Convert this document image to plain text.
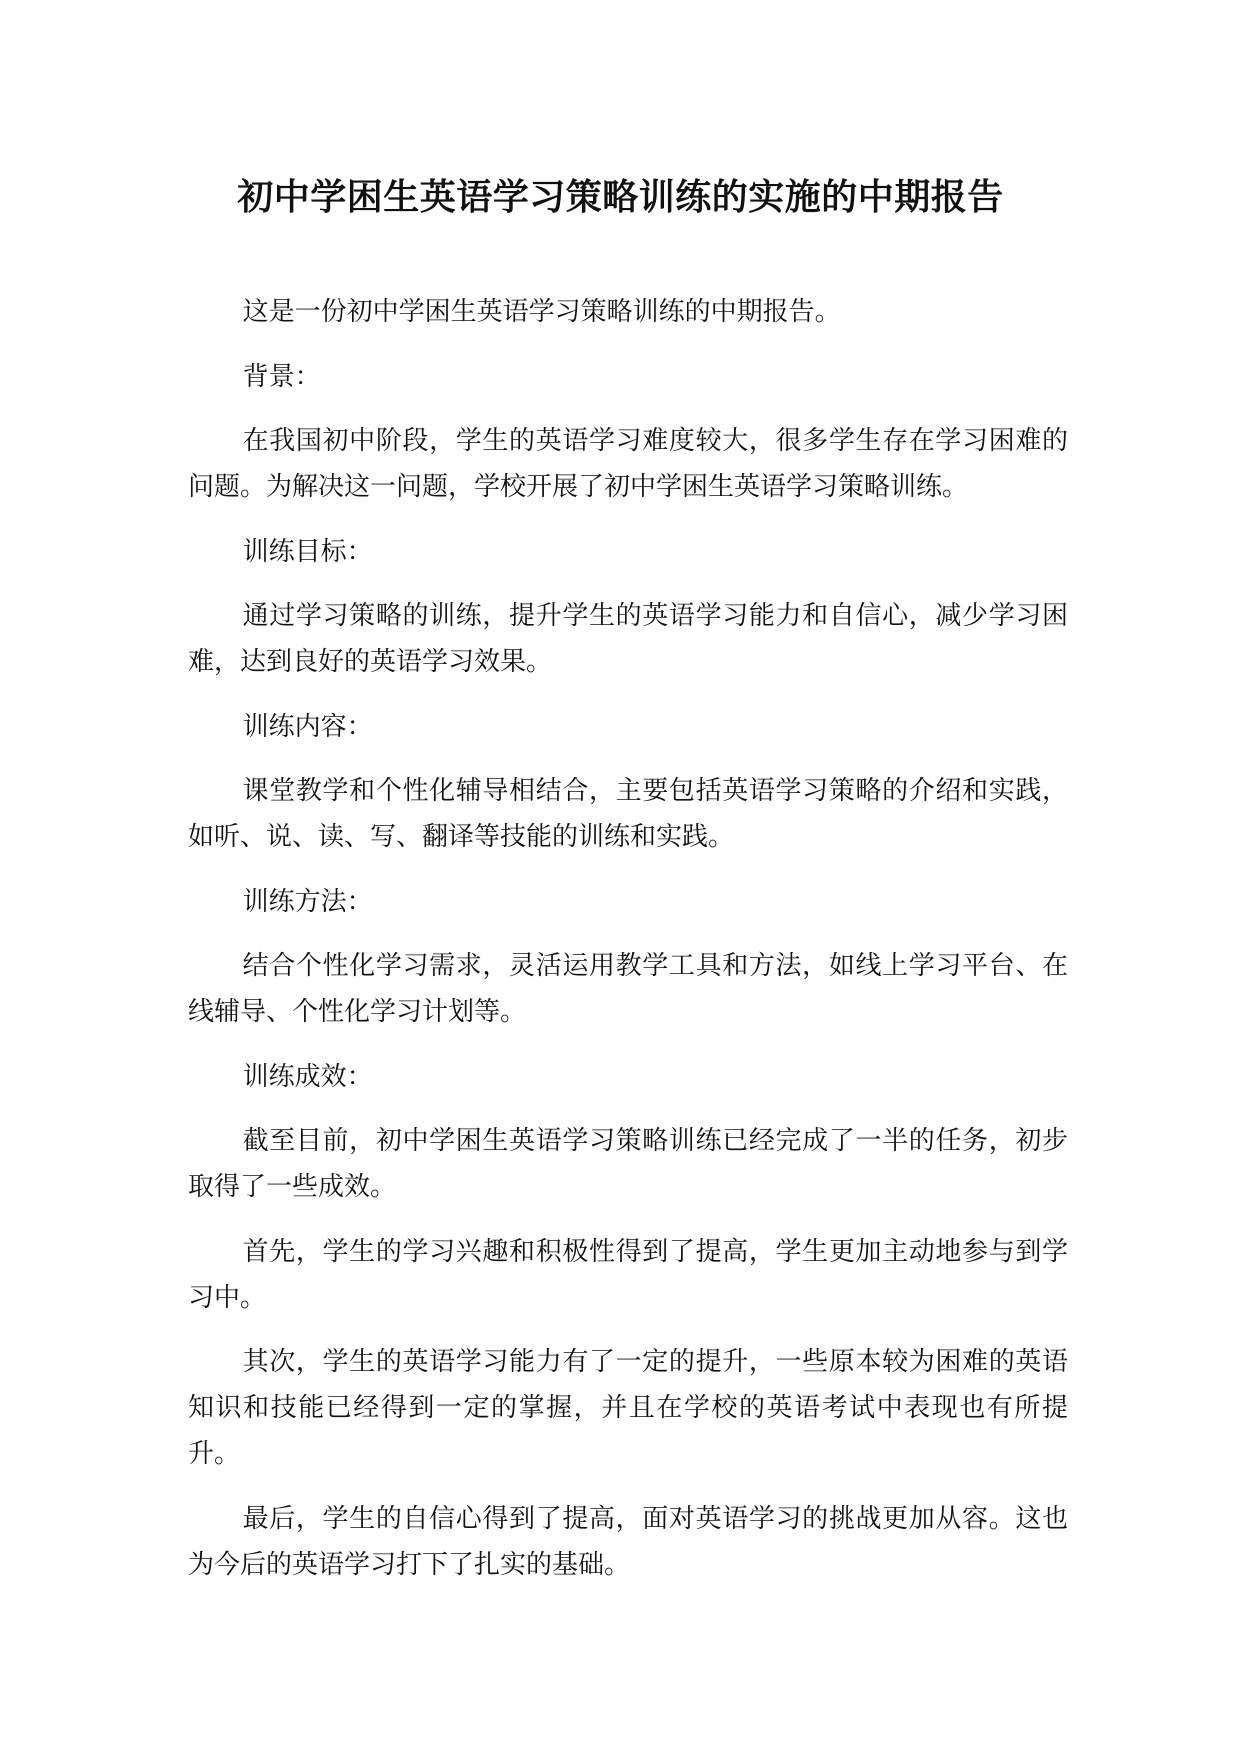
初中学困生英语学习策略训练的实施的中期报告

这是一份初中学困生英语学习策略训练的中期报告。

背景：

在我国初中阶段，学生的英语学习难度较大，很多学生存在学习困难的问题。为解决这一问题，学校开展了初中学困生英语学习策略训练。

训练目标：

通过学习策略的训练，提升学生的英语学习能力和自信心，减少学习困难，达到良好的英语学习效果。

训练内容：

课堂教学和个性化辅导相结合，主要包括英语学习策略的介绍和实践，如听、说、读、写、翻译等技能的训练和实践。

训练方法：

结合个性化学习需求，灵活运用教学工具和方法，如线上学习平台、在线辅导、个性化学习计划等。

训练成效：

截至目前，初中学困生英语学习策略训练已经完成了一半的任务，初步取得了一些成效。

首先，学生的学习兴趣和积极性得到了提高，学生更加主动地参与到学习中。

其次，学生的英语学习能力有了一定的提升，一些原本较为困难的英语知识和技能已经得到一定的掌握，并且在学校的英语考试中表现也有所提升。

最后，学生的自信心得到了提高，面对英语学习的挑战更加从容。这也为今后的英语学习打下了扎实的基础。
